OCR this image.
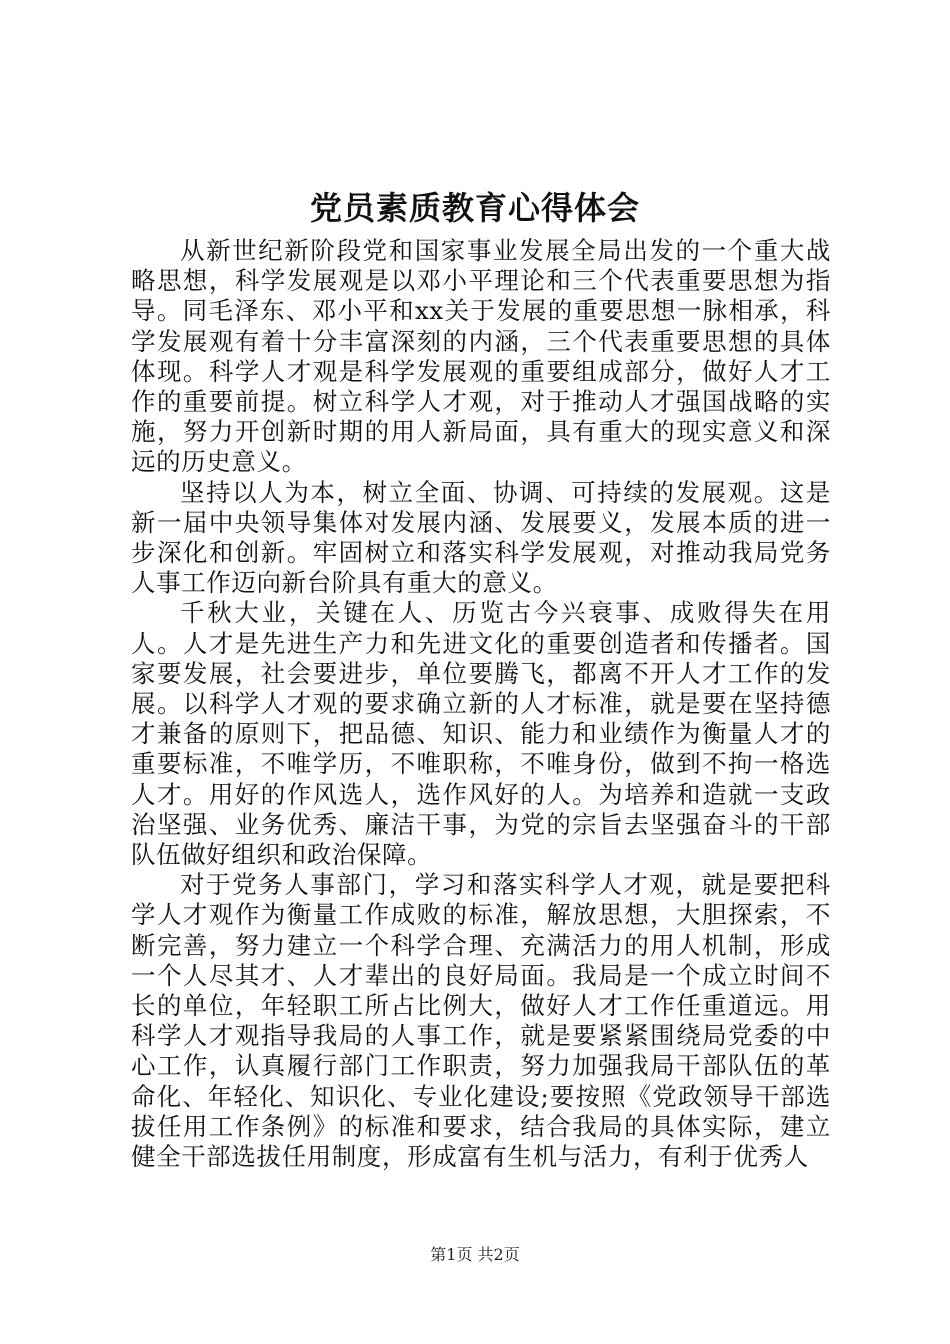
党员素质教育心得体会

从新世纪新阶段党和国家事业发展全局出发的一个重大战略思想，科学发展观是以邓小平理论和三个代表重要思想为指导。同毛泽东、邓小平和xx关于发展的重要思想一脉相承，科学发展观有着十分丰富深刻的内涵，三个代表重要思想的具体体现。科学人才观是科学发展观的重要组成部分，做好人才工作的重要前提。树立科学人才观，对于推动人才强国战略的实施，努力开创新时期的用人新局面，具有重大的现实意义和深远的历史意义。

坚持以人为本，树立全面、协调、可持续的发展观。这是新一届中央领导集体对发展内涵、发展要义，发展本质的进一步深化和创新。牢固树立和落实科学发展观，对推动我局党务人事工作迈向新台阶具有重大的意义。

千秋大业，关键在人、历览古今兴衰事、成败得失在用人。人才是先进生产力和先进文化的重要创造者和传播者。国家要发展，社会要进步，单位要腾飞，都离不开人才工作的发展。以科学人才观的要求确立新的人才标准，就是要在坚持德才兼备的原则下，把品德、知识、能力和业绩作为衡量人才的重要标准，不唯学历，不唯职称，不唯身份，做到不拘一格选人才。用好的作风选人，选作风好的人。为培养和造就一支政治坚强、业务优秀、廉洁干事，为党的宗旨去坚强奋斗的干部队伍做好组织和政治保障。

对于党务人事部门，学习和落实科学人才观，就是要把科学人才观作为衡量工作成败的标准，解放思想，大胆探索，不断完善，努力建立一个科学合理、充满活力的用人机制，形成一个人尽其才、人才辈出的良好局面。我局是一个成立时间不长的单位，年轻职工所占比例大，做好人才工作任重道远。用科学人才观指导我局的人事工作，就是要紧紧围绕局党委的中心工作，认真履行部门工作职责，努力加强我局干部队伍的革命化、年轻化、知识化、专业化建设;要按照《党政领导干部选拔任用工作条例》的标准和要求，结合我局的具体实际，建立健全干部选拔任用制度，形成富有生机与活力，有利于优秀人

第1页 共2页
